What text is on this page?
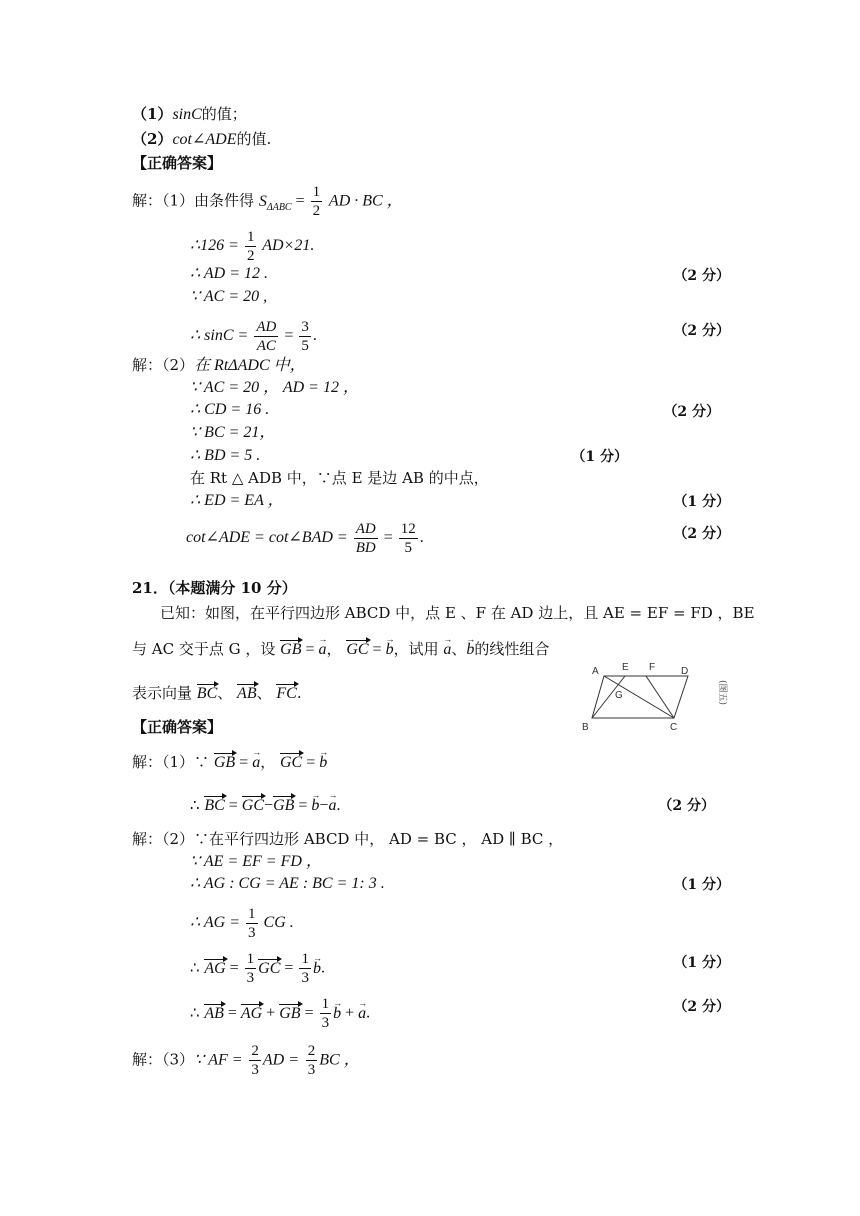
（1）sinC的值；
（2）cot∠ADE的值.
【正确答案】
解：（1）由条件得 $S_{\Delta ABC} = \frac{1}{2}$ AD · BC ，
∴126 = $\frac{1}{2} AD\times 21$.
∴ AD = 12 .	（2 分）
∵ AC = 20 ,
∴ $\sin C = \frac{AD}{AC} = \frac{3}{5}$ .	（2 分）
解：（2）在 RtΔADC 中，
∵ AC = 20 ， AD = 12 ，
∴ CD = 16 .	（2 分）
∵ BC = 21，
∴ BD = 5 .	（1 分）
在 Rt △ ADB 中，∵点 E 是边 AB 的中点，
∴ ED = EA ，	（1 分）
cot∠ADE = cot∠BAD = $\frac{AD}{BD} = \frac{12}{5}$ .	（2 分）
21．（本题满分 10 分）
已知：如图，在平行四边形 ABCD 中，点 E 、F 在 AD 边上，且 AE = EF = FD ，BE
与 AC 交于点 G ，设 GB = a →， GC = b →，试用 a →、b →的线性组合
表示向量 BC、 AB、 FC.
A E F	D
G
B	C
(图五)
【正确答案】
解：（1）∵ GB = a →， GC = b →
∴ BC = GC−GB = b →−a →.	（2 分）
解：（2）∵在平行四边形 ABCD 中， AD = BC ， AD ∥ BC ，
∵ AE = EF = FD ，
∴ AG : CG = AE : BC = 1: 3 .	（1 分）
∴ AG = $\frac{1}{3}$ CG .
∴ AG = $\frac{1}{3}$ GC = $\frac{1}{3}$ b →.	（1 分）
∴ AB = AG + GB = $\frac{1}{3}$ b → + a →.	（2 分）
解：（3）∵ AF = $\frac{2}{3}$ AD = $\frac{2}{3}$ BC ，
